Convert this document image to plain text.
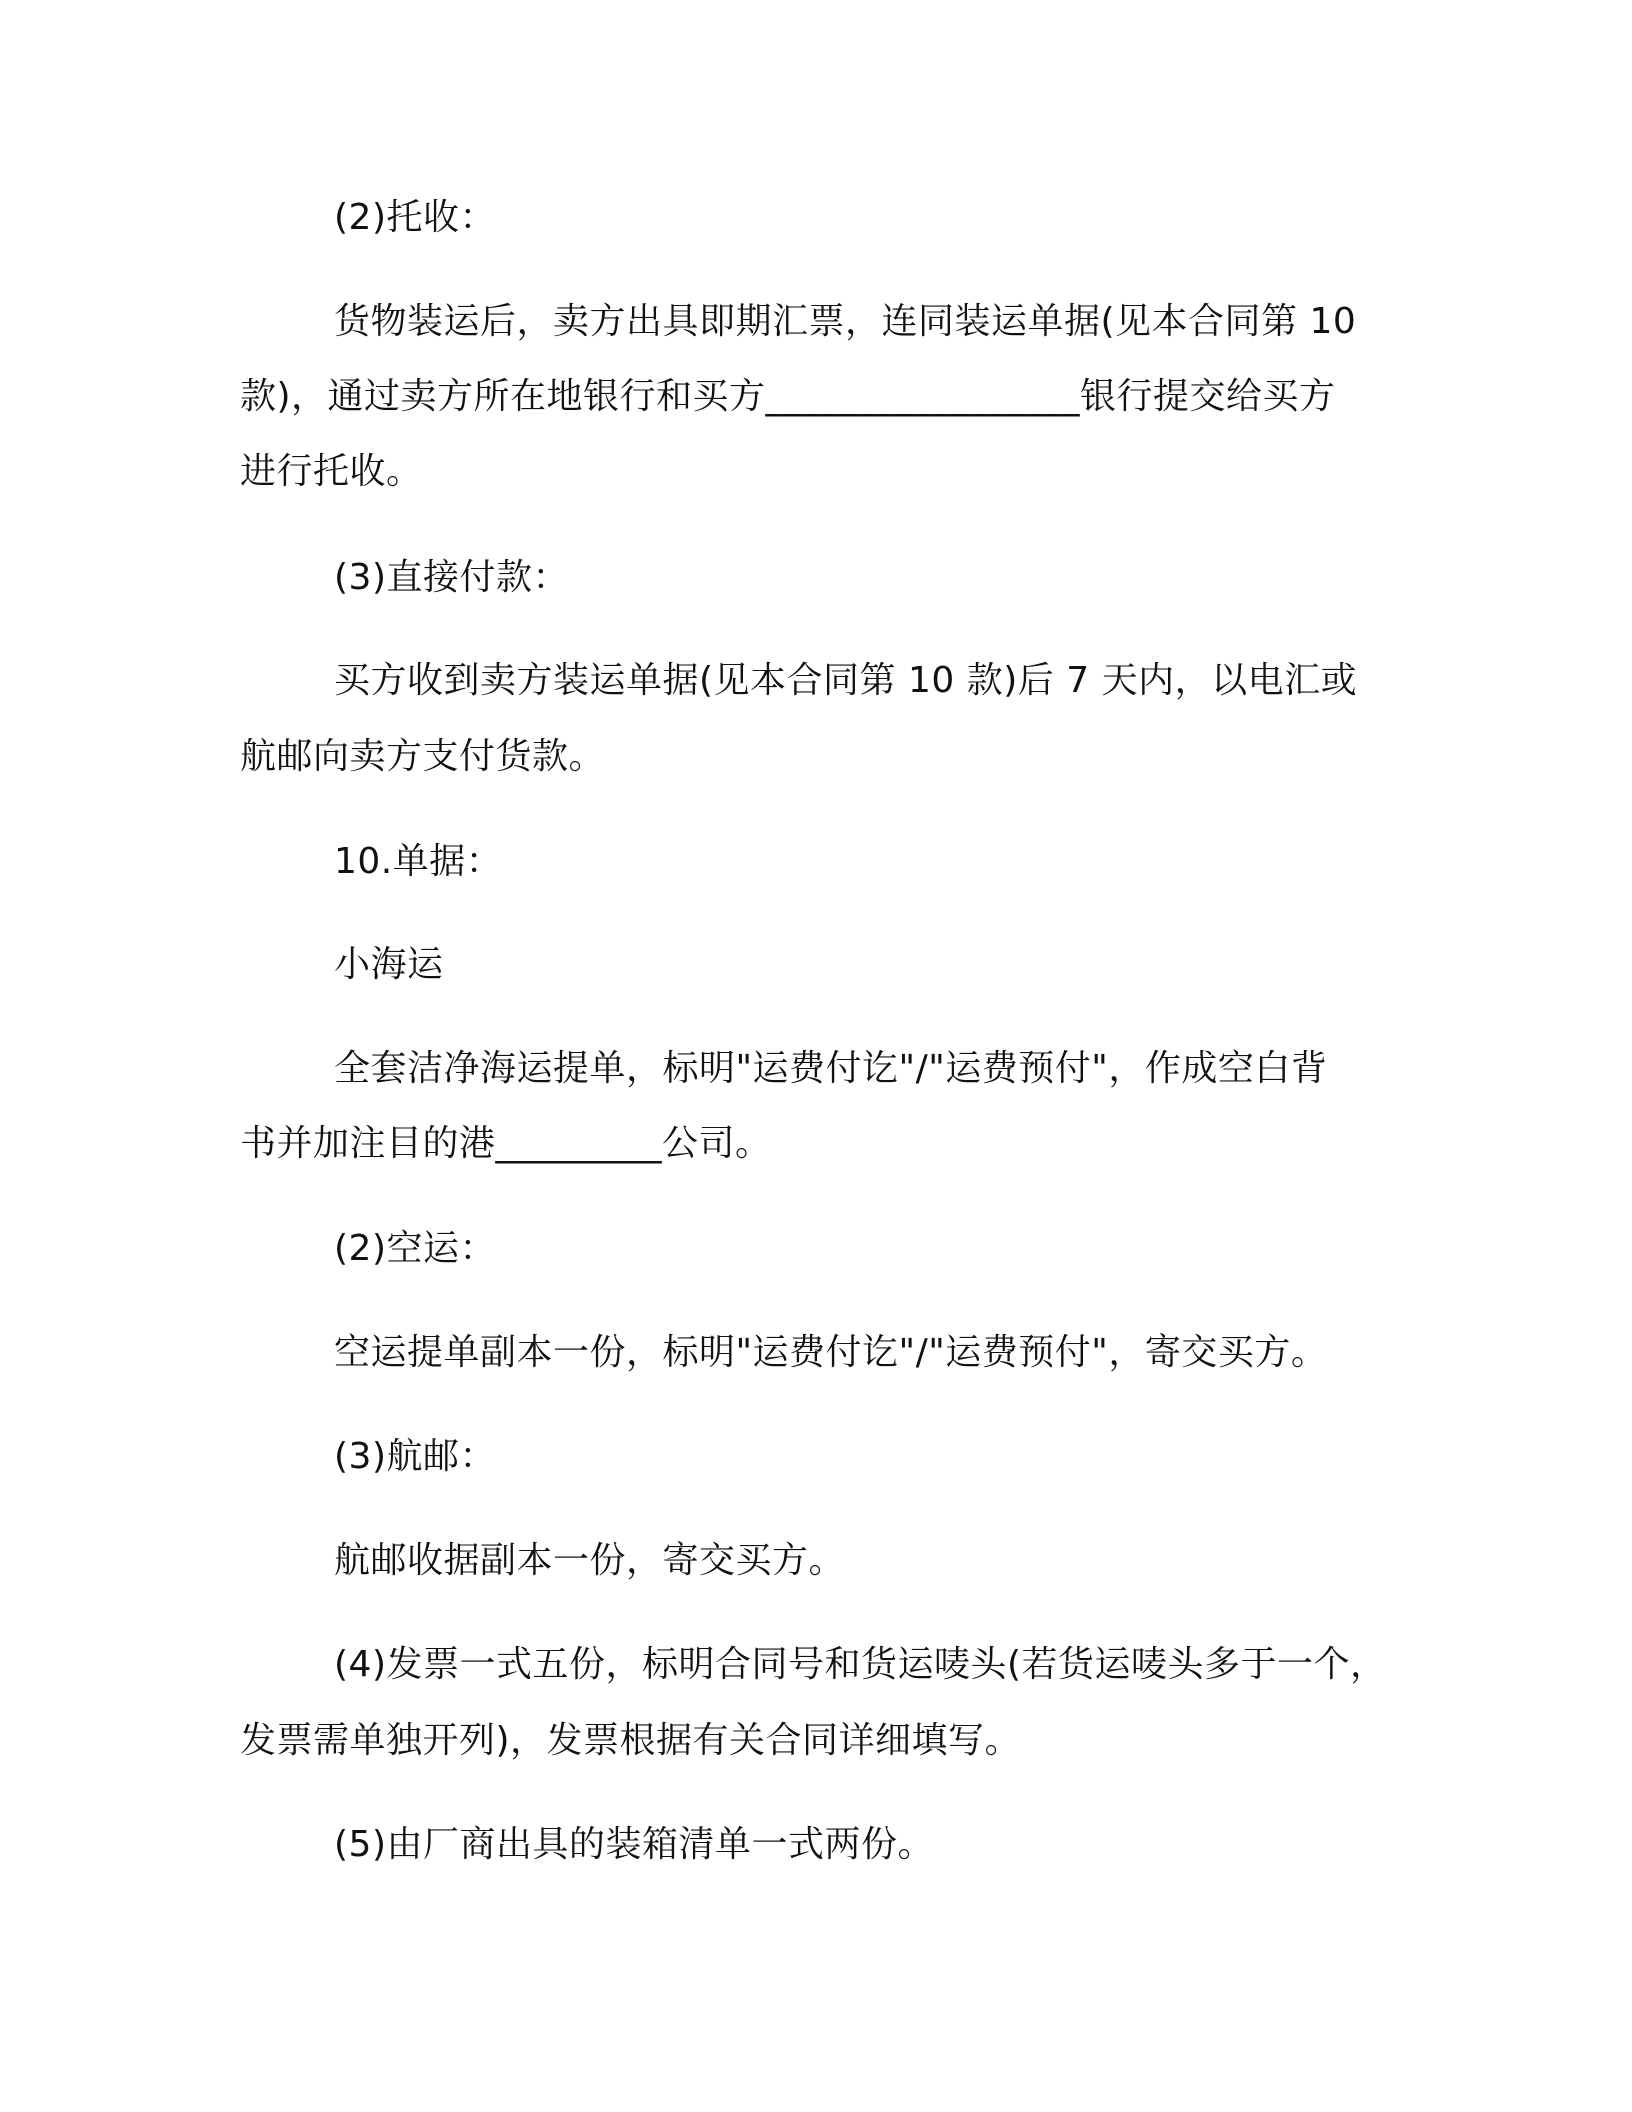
(2)托收：
货物装运后，卖方出具即期汇票，连同装运单据(见本合同第 10
款)，通过卖方所在地银行和买方_________________银行提交给买方
进行托收。
(3)直接付款：
买方收到卖方装运单据(见本合同第 10 款)后 7 天内，以电汇或
航邮向卖方支付货款。
10.单据：
小海运
全套洁净海运提单，标明"运费付讫"/"运费预付"，作成空白背
书并加注目的港_________公司。
(2)空运：
空运提单副本一份，标明"运费付讫"/"运费预付"，寄交买方。
(3)航邮：
航邮收据副本一份，寄交买方。
(4)发票一式五份，标明合同号和货运唛头(若货运唛头多于一个，
发票需单独开列)，发票根据有关合同详细填写。
(5)由厂商出具的装箱清单一式两份。
